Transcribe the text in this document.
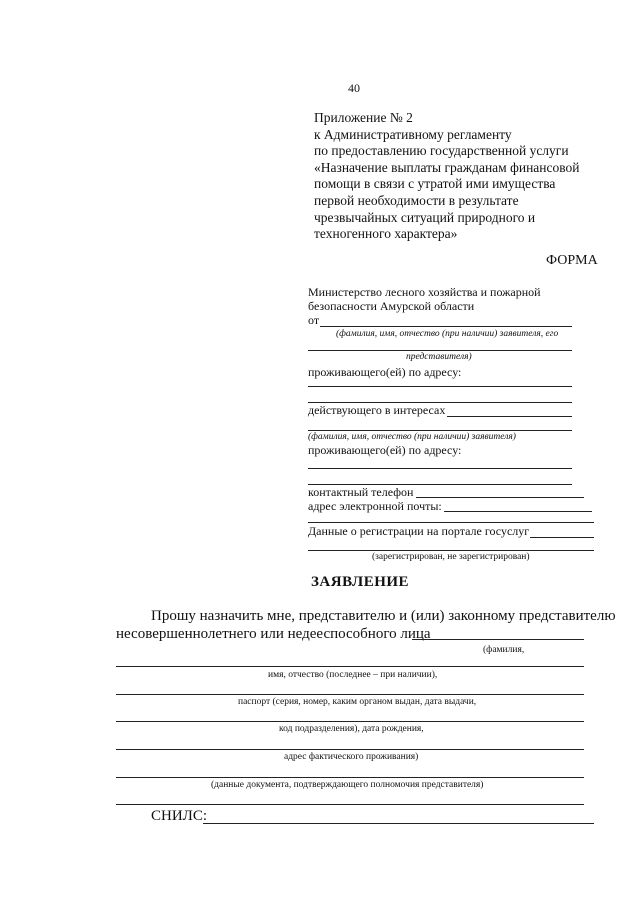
40
Приложение № 2
к Административному регламенту
по предоставлению государственной услуги
«Назначение выплаты гражданам финансовой
помощи в связи с утратой ими имущества
первой необходимости в результате
чрезвычайных ситуаций природного и
техногенного характера»
ФОРМА
Министерство лесного хозяйства и пожарной
безопасности Амурской области
от
(фамилия, имя, отчество (при наличии) заявителя, его
представителя)
проживающего(ей) по адресу:
действующего в интересах
(фамилия, имя, отчество (при наличии) заявителя)
проживающего(ей) по адресу:
контактный телефон
адрес электронной почты:
Данные о регистрации на портале госуслуг
(зарегистрирован, не зарегистрирован)
ЗАЯВЛЕНИЕ
Прошу назначить мне, представителю и (или) законному представителю
несовершеннолетнего или недееспособного лица
(фамилия,
имя, отчество (последнее – при наличии),
паспорт (серия, номер, каким органом выдан, дата выдачи,
код подразделения), дата рождения,
адрес фактического проживания)
(данные документа, подтверждающего полномочия представителя)
СНИЛС:
